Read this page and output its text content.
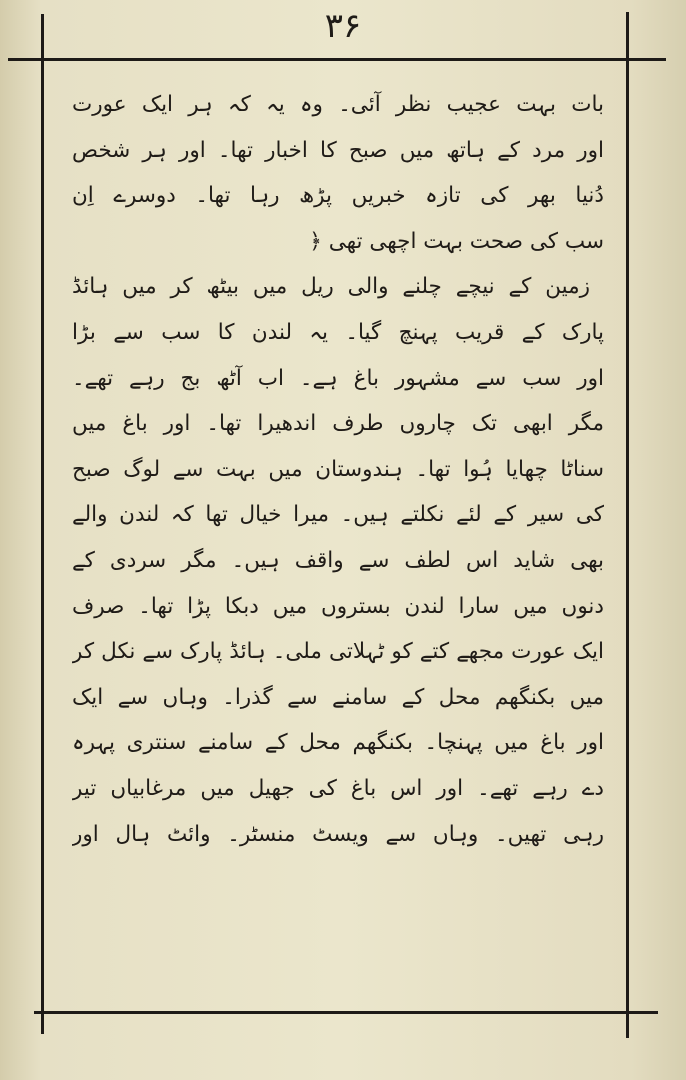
۳۶
بات بہت عجیب نظر آئی۔ وہ یہ کہ ہر ایک عورت
اور مرد کے ہاتھ میں صبح کا اخبار تھا۔ اور ہر شخص
دُنیا بھر کی تازہ خبریں پڑھ رہا تھا۔ دوسرے اِن
سب کی صحت بہت اچھی تھی ﴿
زمین کے نیچے چلنے والی ریل میں بیٹھ کر میں ہائڈ
پارک کے قریب پہنچ گیا۔ یہ لندن کا سب سے بڑا
اور سب سے مشہور باغ ہے۔ اب آٹھ بج رہے تھے۔
مگر ابھی تک چاروں طرف اندھیرا تھا۔ اور باغ میں
سناٹا چھایا ہُوا تھا۔ ہندوستان میں بہت سے لوگ صبح
کی سیر کے لئے نکلتے ہیں۔ میرا خیال تھا کہ لندن والے
بھی شاید اس لطف سے واقف ہیں۔ مگر سردی کے
دنوں میں سارا لندن بستروں میں دبکا پڑا تھا۔ صرف
ایک عورت مجھے کتے کو ٹہلاتی ملی۔ ہائڈ پارک سے نکل کر
میں بکنگھم محل کے سامنے سے گذرا۔ وہاں سے ایک
اور باغ میں پہنچا۔ بکنگھم محل کے سامنے سنتری پہرہ
دے رہے تھے۔ اور اس باغ کی جھیل میں مرغابیاں تیر
رہی تھیں۔ وہاں سے ویسٹ منسٹر۔ وائٹ ہال اور
